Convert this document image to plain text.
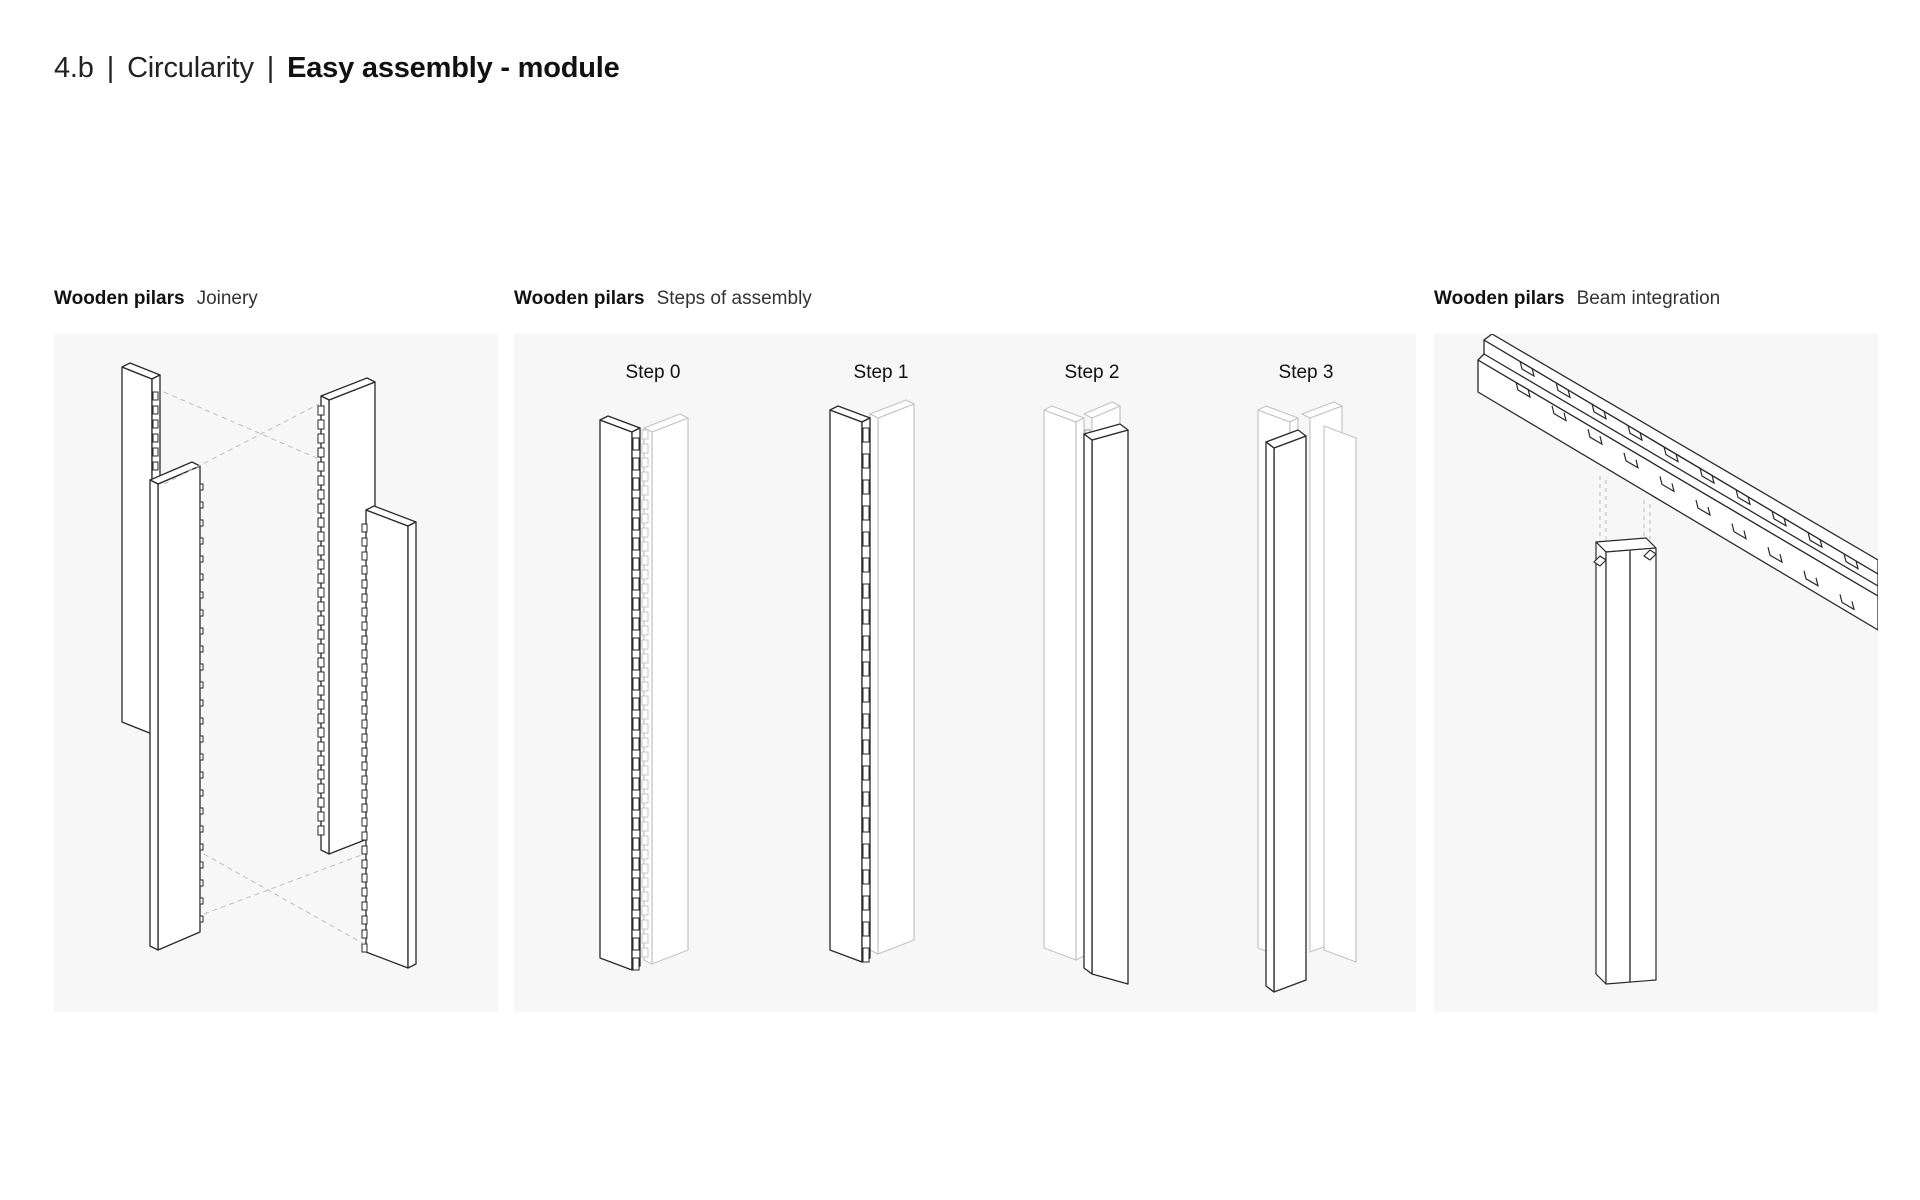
4.b | Circularity | Easy assembly - module
Wooden pilars Joinery	Wooden pilars Steps of assembly	Wooden pilars Beam integration
Step 0	Step 1	Step 2	Step 3
